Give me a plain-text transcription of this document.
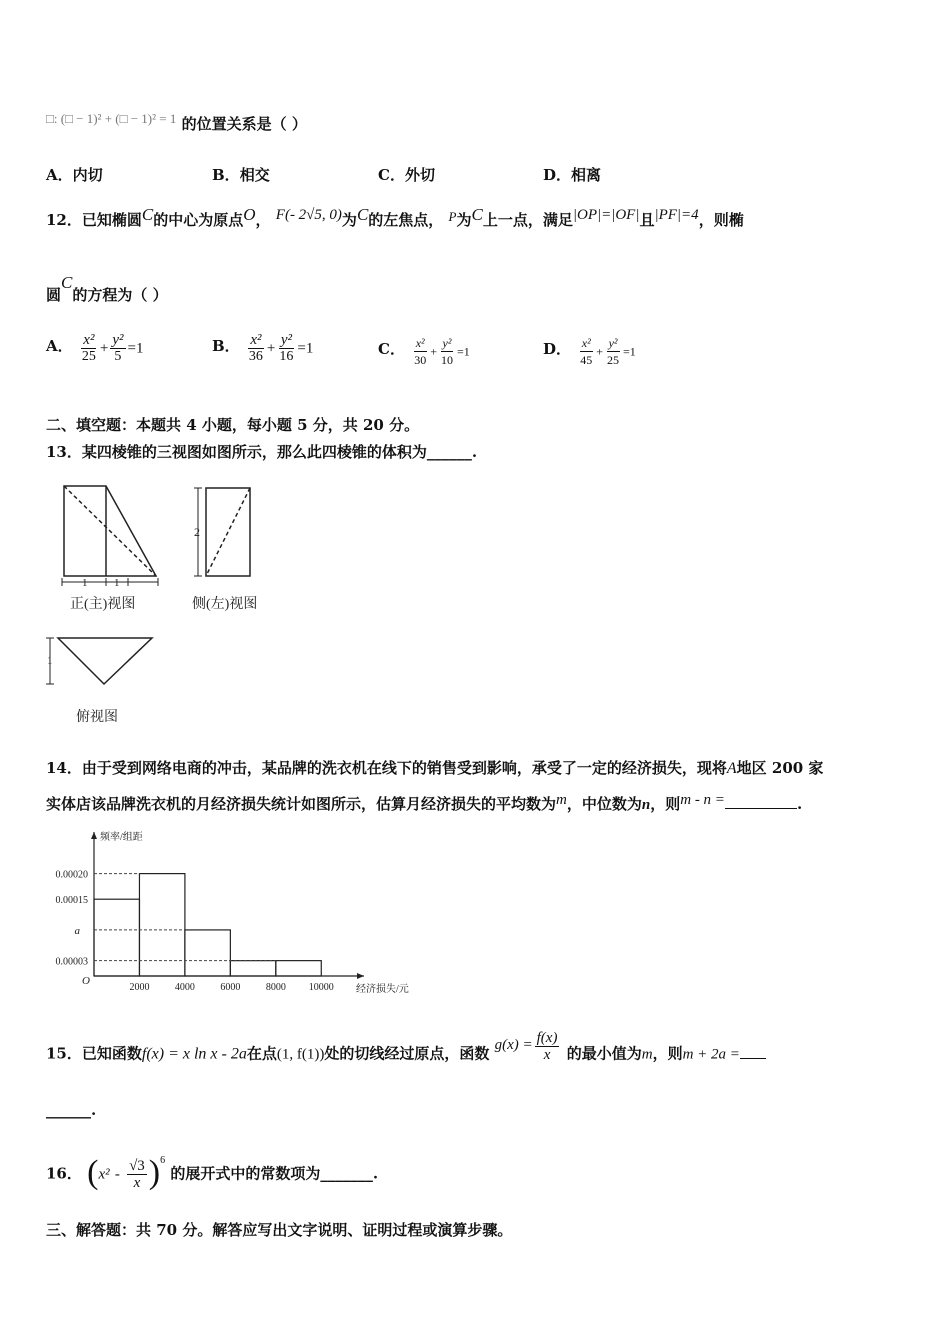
□: (□ − 1)² + (□ − 1)² = 1 的位置关系是（ ）
A．内切	B．相交	C．外切	D．相离
12．已知椭圆C的中心为原点O， F(- 2√5, 0)为C的左焦点， P为C上一点，满足|OP|=|OF|且|PF|=4，则椭
圆C的方程为（ ）
A． $\frac{\text{x²}}{25} + \frac{\text{y²}}{5} =1$	B． $\frac{\text{x²}}{36} + \frac{\text{y²}}{16} =1$	C． $\frac{\text{x²}}{30} + \frac{\text{y²}}{10} =1$	D． $\frac{\text{x²}}{45} + \frac{\text{y²}}{25} =1$
二、填空题：本题共 4 小题，每小题 5 分，共 20 分。
13．某四棱锥的三视图如图所示，那么此四棱锥的体积为______.
1 1
正(主)视图
2
侧(左)视图
1
俯视图
14．由于受到网络电商的冲击，某品牌的洗衣机在线下的销售受到影响，承受了一定的经济损失，现将A地区 200 家
实体店该品牌洗衣机的月经济损失统计如图所示，估算月经济损失的平均数为m，中位数为n，则m - n =	.
0.00020
0.00015
a
0.00003
2000	4000	6000	8000 10000
O
频率/组距
经济损失/元
15．已知函数f(x) = x ln x - 2a在点(1, f(1))处的切线经过原点，函数 $g(x) = \frac{f(x)}{x}$ 的最小值为m，则m + 2a =
______.
16． $(x^2 - \frac{√3}{x} )^6$ 的展开式中的常数项为_______.
三、解答题：共 70 分。解答应写出文字说明、证明过程或演算步骤。
